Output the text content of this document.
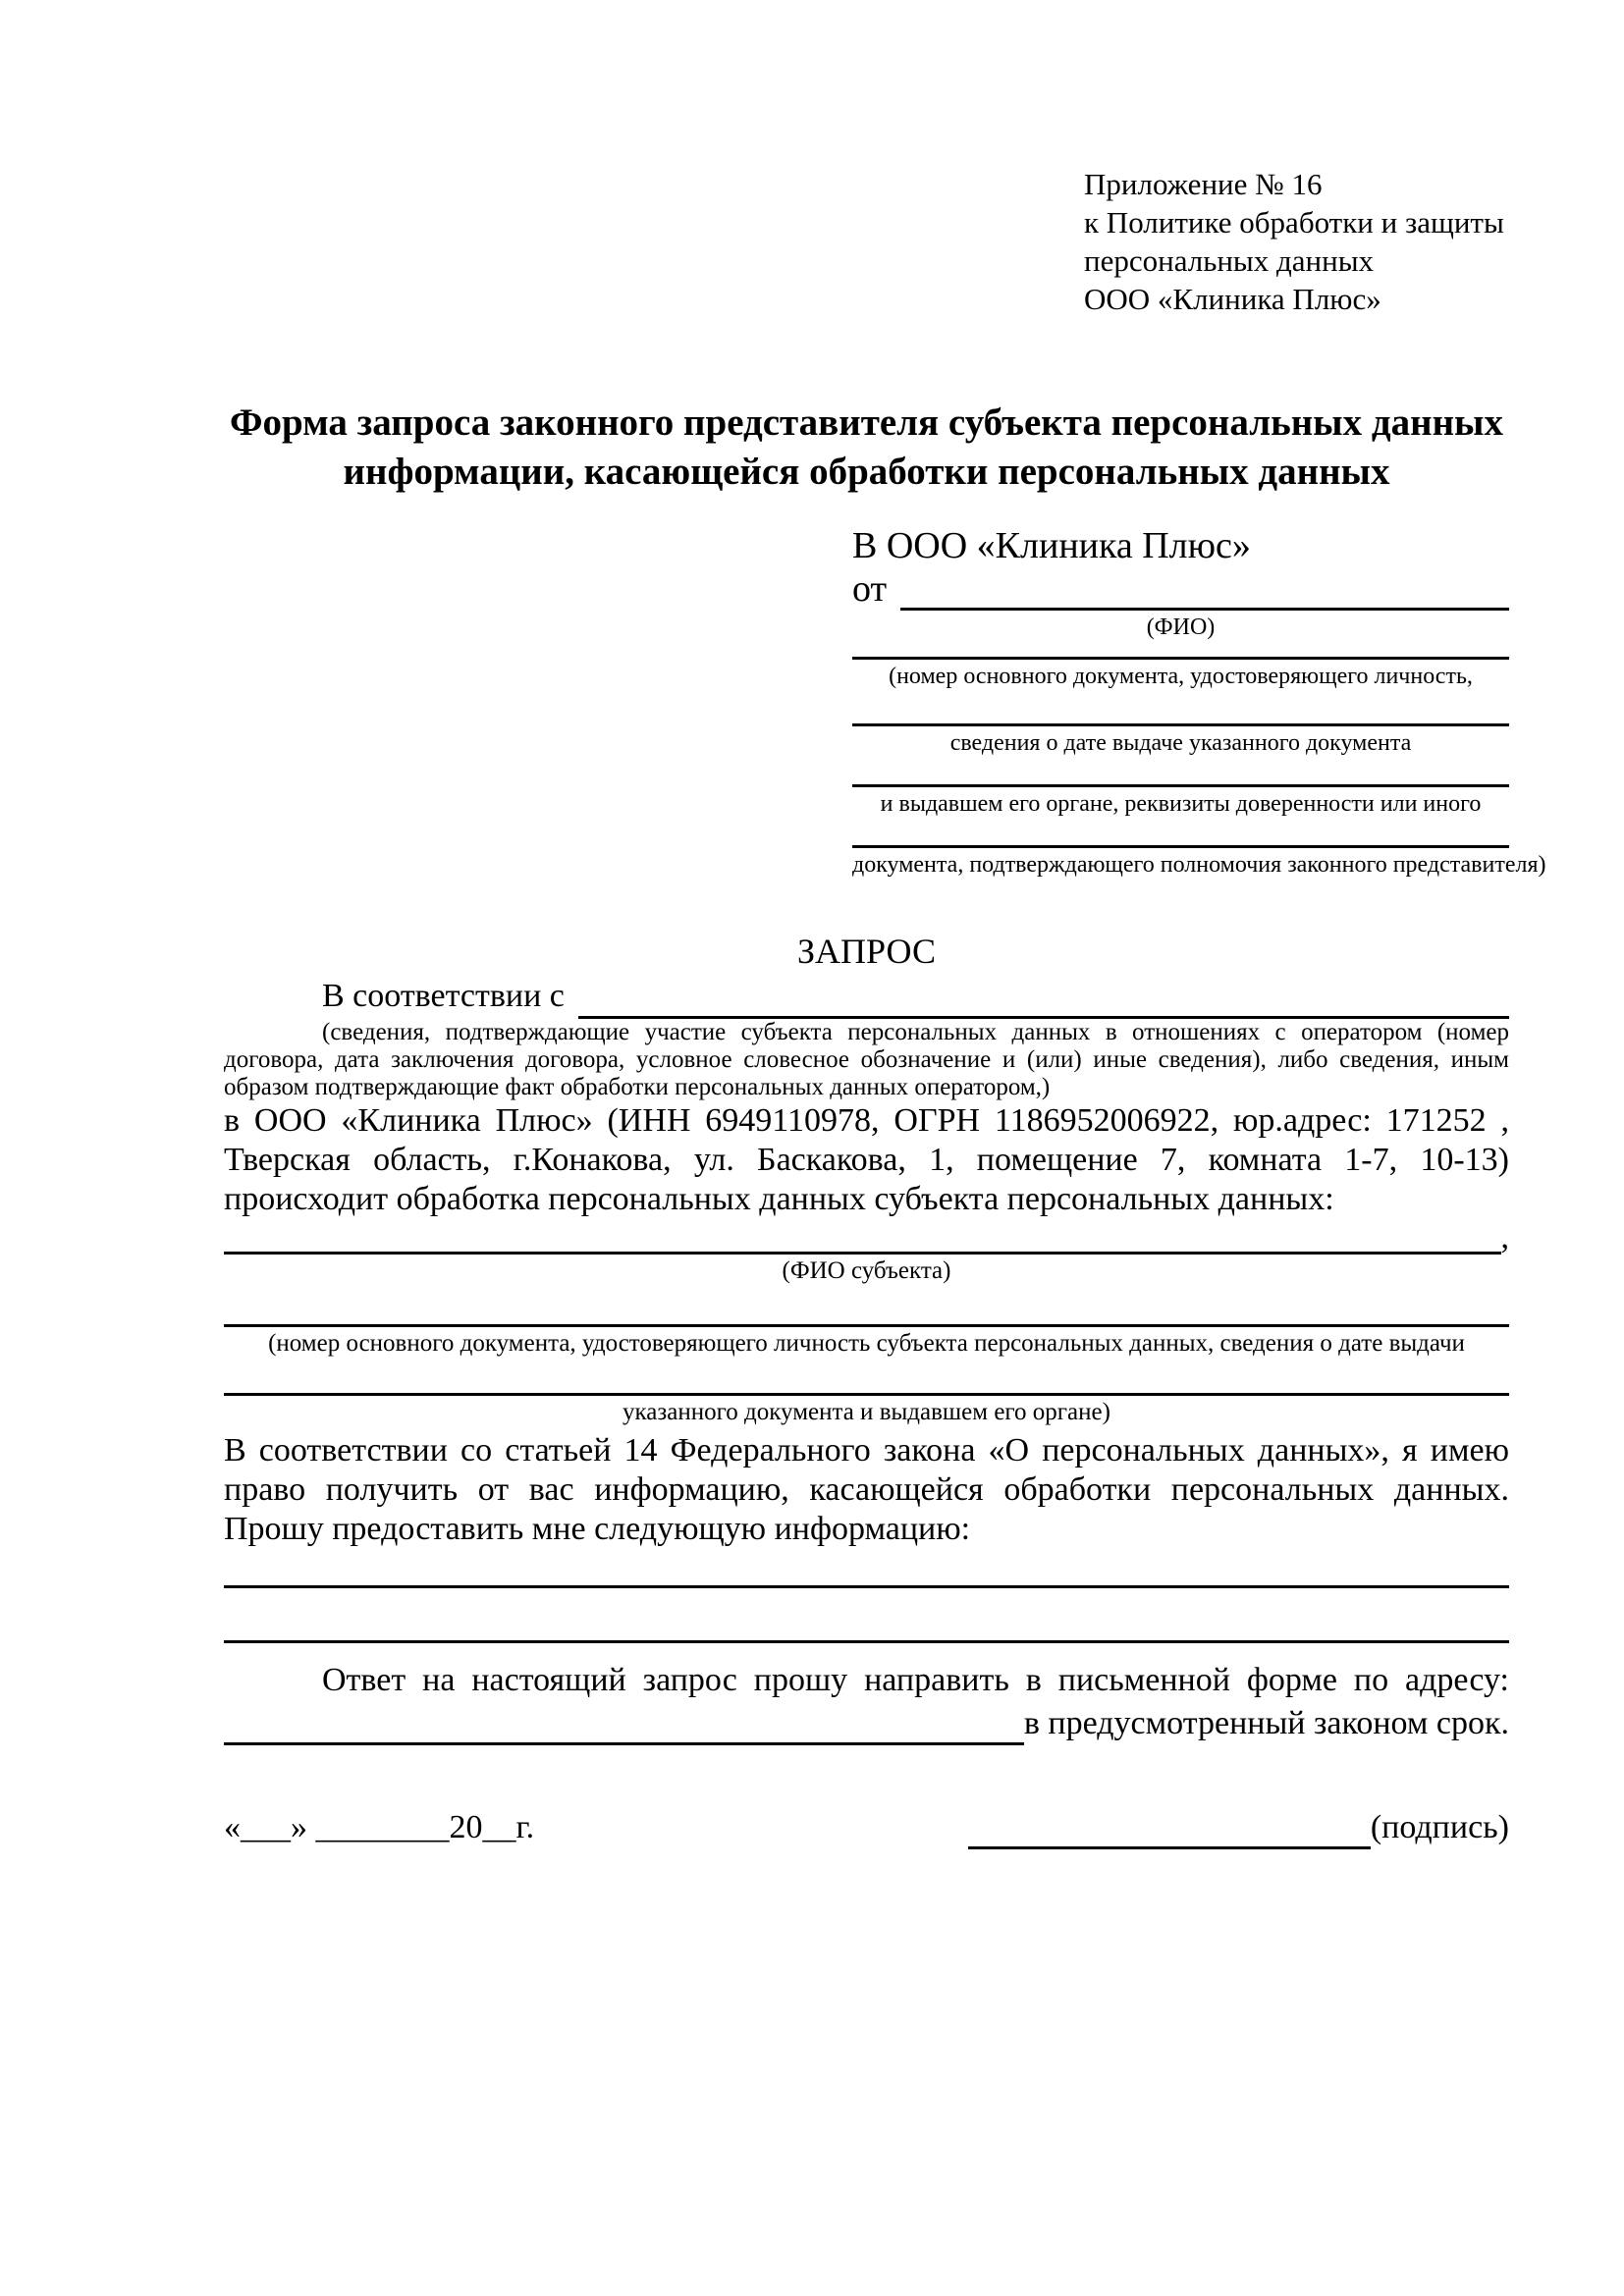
Приложение № 16
к Политике обработки и защиты
персональных данных
ООО «Клиника Плюс»
Форма запроса законного представителя субъекта персональных данных
информации, касающейся обработки персональных данных
В ООО «Клиника Плюс»
от
(ФИО)
(номер основного документа, удостоверяющего личность,
сведения о дате выдаче указанного документа
и выдавшем его органе, реквизиты доверенности или иного
документа, подтверждающего полномочия законного представителя)
ЗАПРОС
В соответствии с
(сведения, подтверждающие участие субъекта персональных данных в отношениях с оператором (номер договора, дата заключения договора, условное словесное обозначение и (или) иные сведения), либо сведения, иным образом подтверждающие факт обработки персональных данных оператором,)
в ООО «Клиника Плюс» (ИНН 6949110978, ОГРН 1186952006922, юр.адрес: 171252 , Тверская область, г.Конакова, ул. Баскакова, 1, помещение 7, комната 1-7, 10-13) происходит обработка персональных данных субъекта персональных данных:
,
(ФИО субъекта)
(номер основного документа, удостоверяющего личность субъекта персональных данных, сведения о дате выдачи
указанного документа и выдавшем его органе)
В соответствии со статьей 14 Федерального закона «О персональных данных», я имею право получить от вас информацию, касающейся обработки персональных данных. Прошу предоставить мне следующую информацию:
Ответ на настоящий запрос прошу направить в письменной форме по адресу:
в предусмотренный законом срок.
«___» ________20__г.	(подпись)
